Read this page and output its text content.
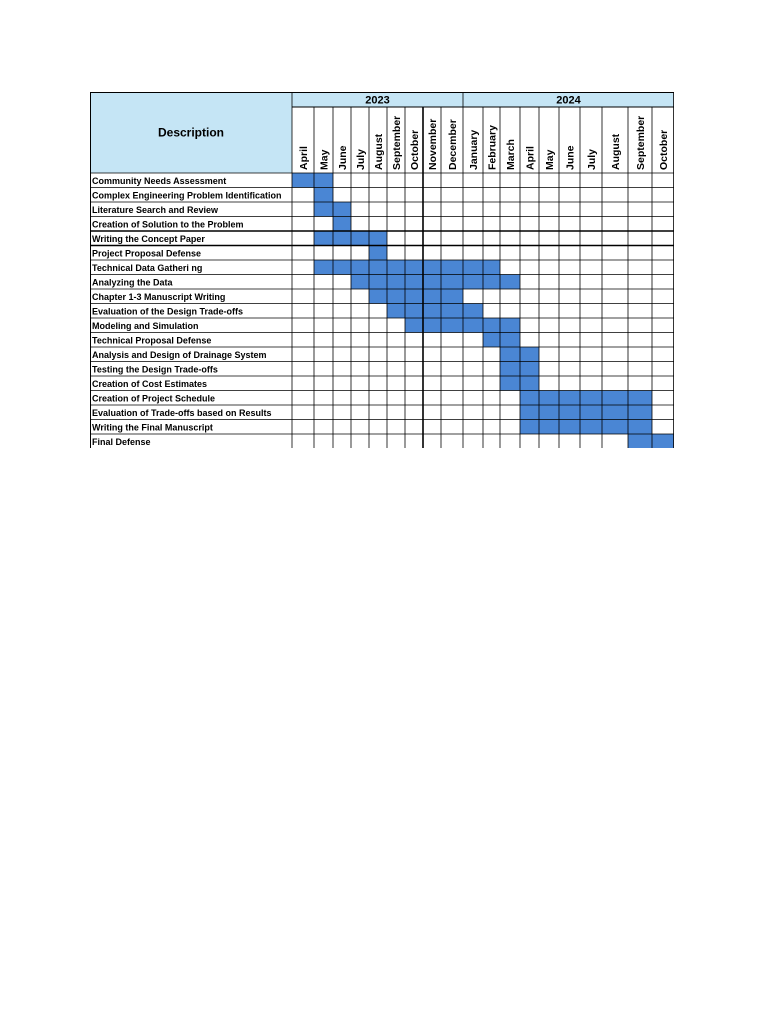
Description
2023	2024
April May June July August September October November December January February March April May June July August September October
Community Needs Assessment
Complex Engineering Problem Identification
Literature Search and Review
Creation of Solution to the Problem
Writing the Concept Paper
Project Proposal Defense
Technical Data Gatheri ng
Analyzing the Data
Chapter 1-3 Manuscript Writing
Evaluation of the Design Trade-offs
Modeling and Simulation
Technical Proposal Defense
Analysis and Design of Drainage System
Testing the Design Trade-offs
Creation of Cost Estimates
Creation of Project Schedule
Evaluation of Trade-offs based on Results
Writing the Final Manuscript
Final Defense
